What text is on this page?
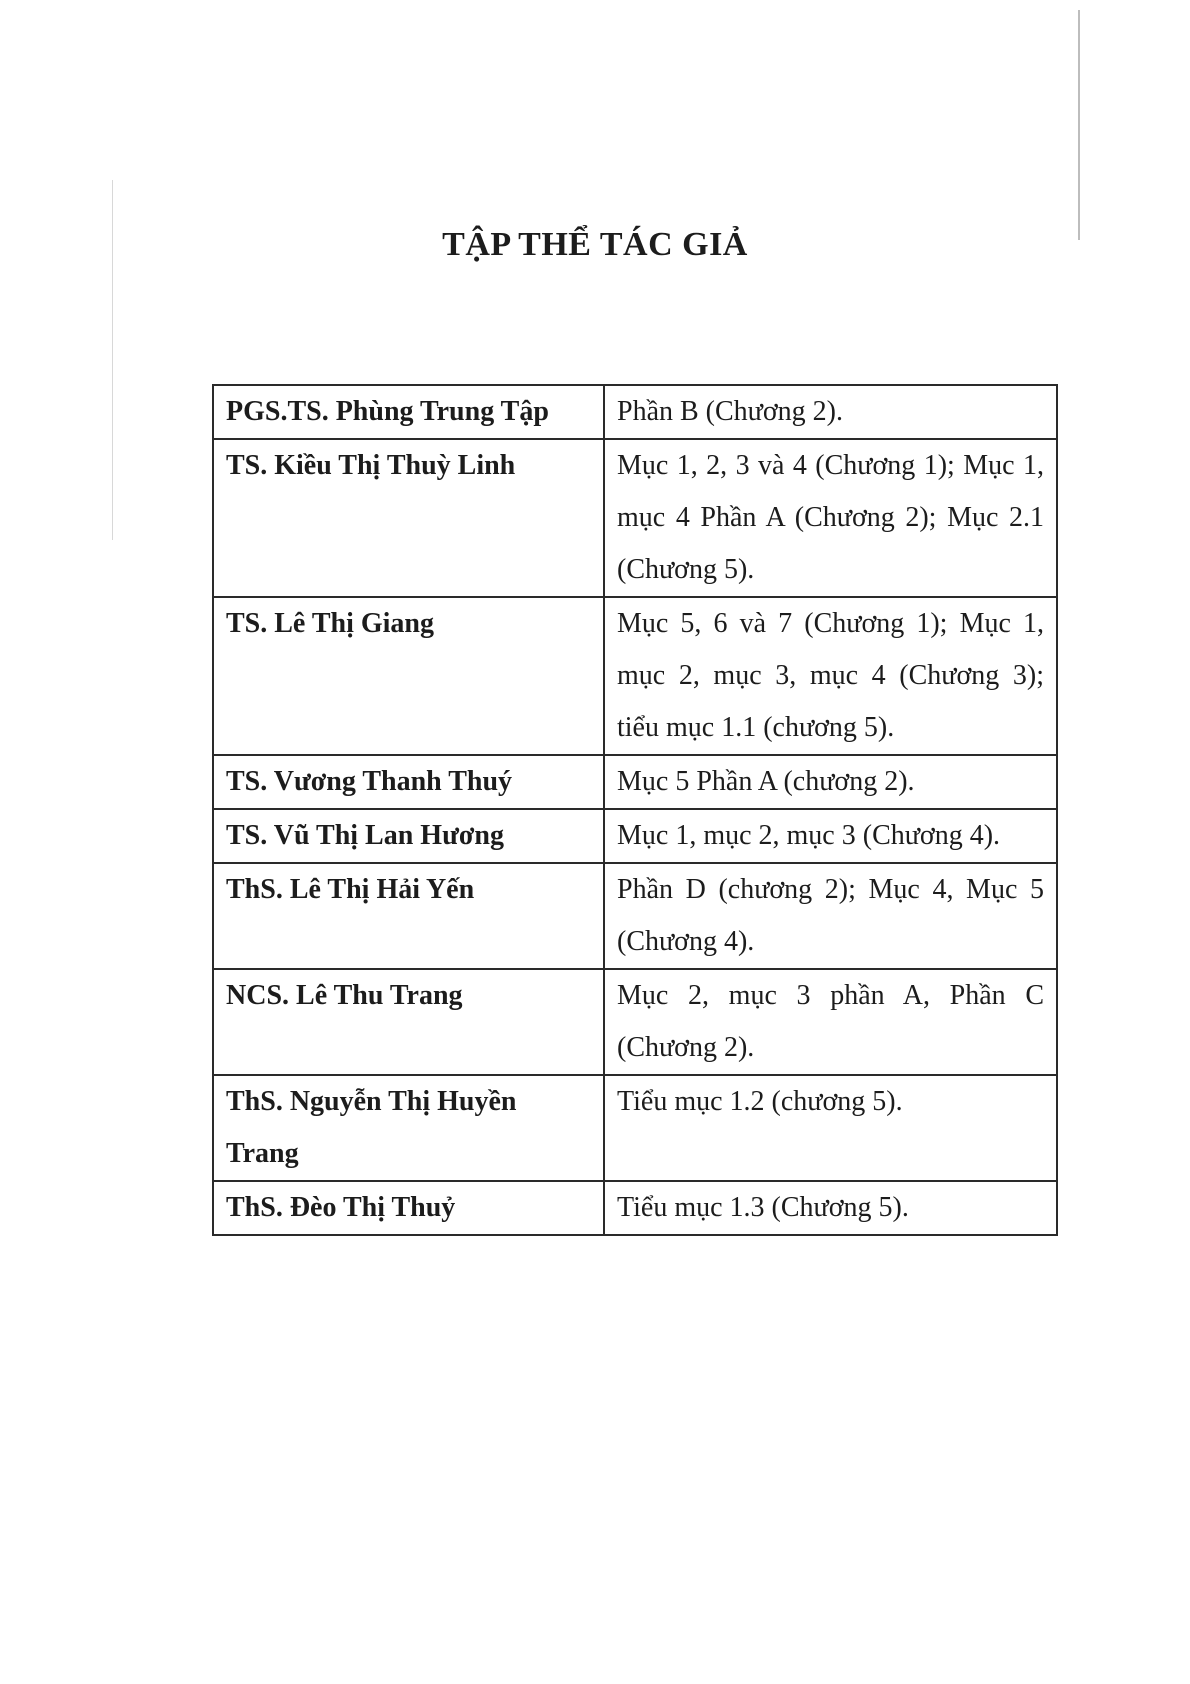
TẬP THỂ TÁC GIẢ
PGS.TS. Phùng Trung Tập	Phần B (Chương 2).
TS. Kiều Thị Thuỳ Linh	Mục 1, 2, 3 và 4 (Chương 1); Mục 1, mục 4 Phần A (Chương 2); Mục 2.1 (Chương 5).
TS. Lê Thị Giang	Mục 5, 6 và 7 (Chương 1); Mục 1, mục 2, mục 3, mục 4 (Chương 3); tiểu mục 1.1 (chương 5).
TS. Vương Thanh Thuý	Mục 5 Phần A (chương 2).
TS. Vũ Thị Lan Hương	Mục 1, mục 2, mục 3 (Chương 4).
ThS. Lê Thị Hải Yến	Phần D (chương 2); Mục 4, Mục 5 (Chương 4).
NCS. Lê Thu Trang	Mục 2, mục 3 phần A, Phần C (Chương 2).
ThS. Nguyễn Thị Huyền Trang	Tiểu mục 1.2 (chương 5).
ThS. Đèo Thị Thuỷ	Tiểu mục 1.3 (Chương 5).
